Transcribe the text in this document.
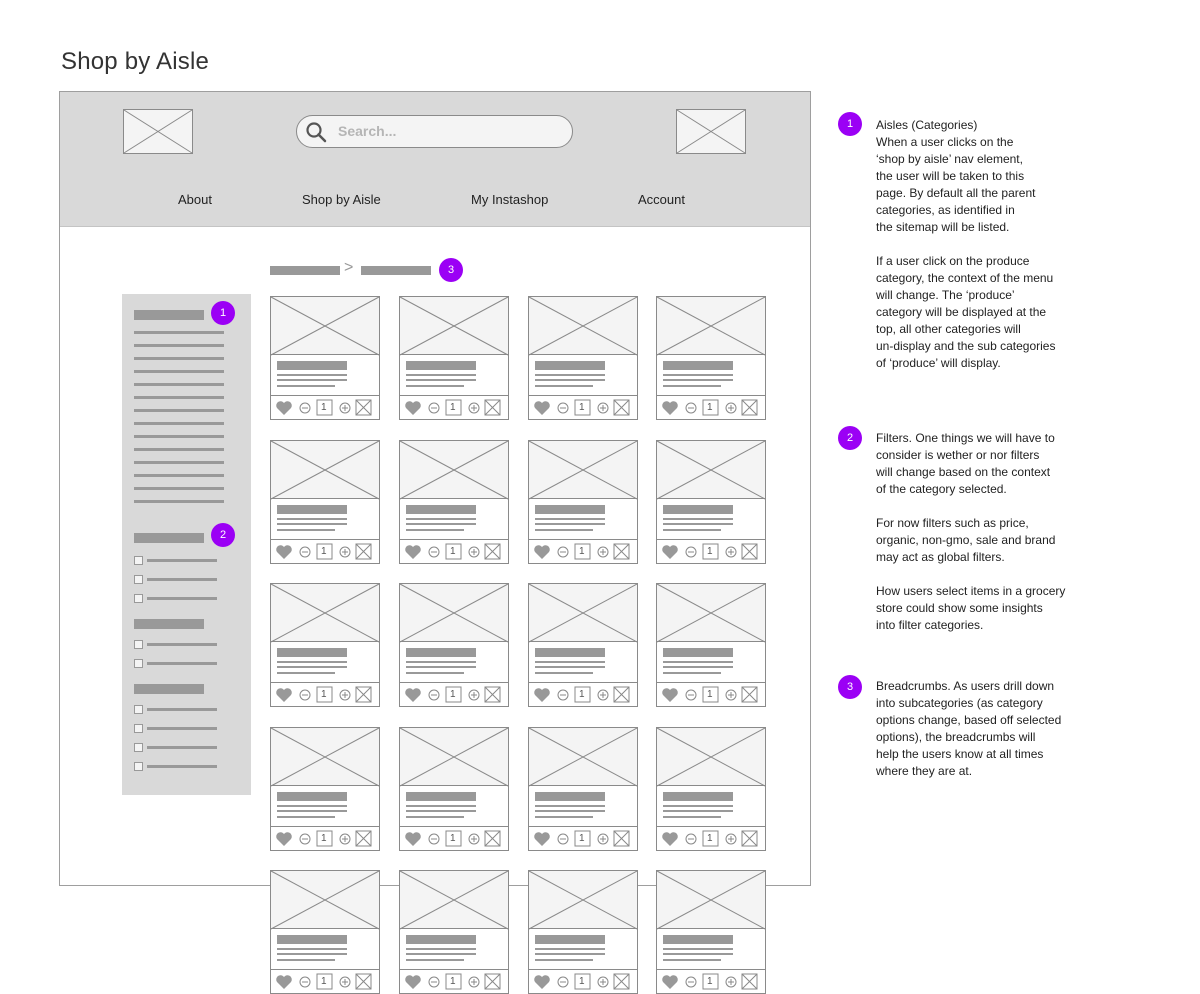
Shop by Aisle
Search...
About	Shop by Aisle	My Instashop	Account
>	3
1
2
1	1	1	1
1	1	1	1
1	1	1	1
1	1	1	1
1	1	1	1
1	Aisles (Categories)
When a user clicks on the
‘shop by aisle’ nav element,
the user will be taken to this
page. By default all the parent
categories, as identified in
the sitemap will be listed.

If a user click on the produce
category, the context of the menu
will change. The ‘produce’
category will be displayed at the
top, all other categories will
un-display and the sub categories
of ‘produce’ will display.

2	Filters. One things we will have to
consider is wether or nor filters
will change based on the context
of the category selected.

For now filters such as price,
organic, non-gmo, sale and brand
may act as global filters.

How users select items in a grocery
store could show some insights
into filter categories.

3	Breadcrumbs. As users drill down
into subcategories (as category
options change, based off selected
options), the breadcrumbs will
help the users know at all times
where they are at.
